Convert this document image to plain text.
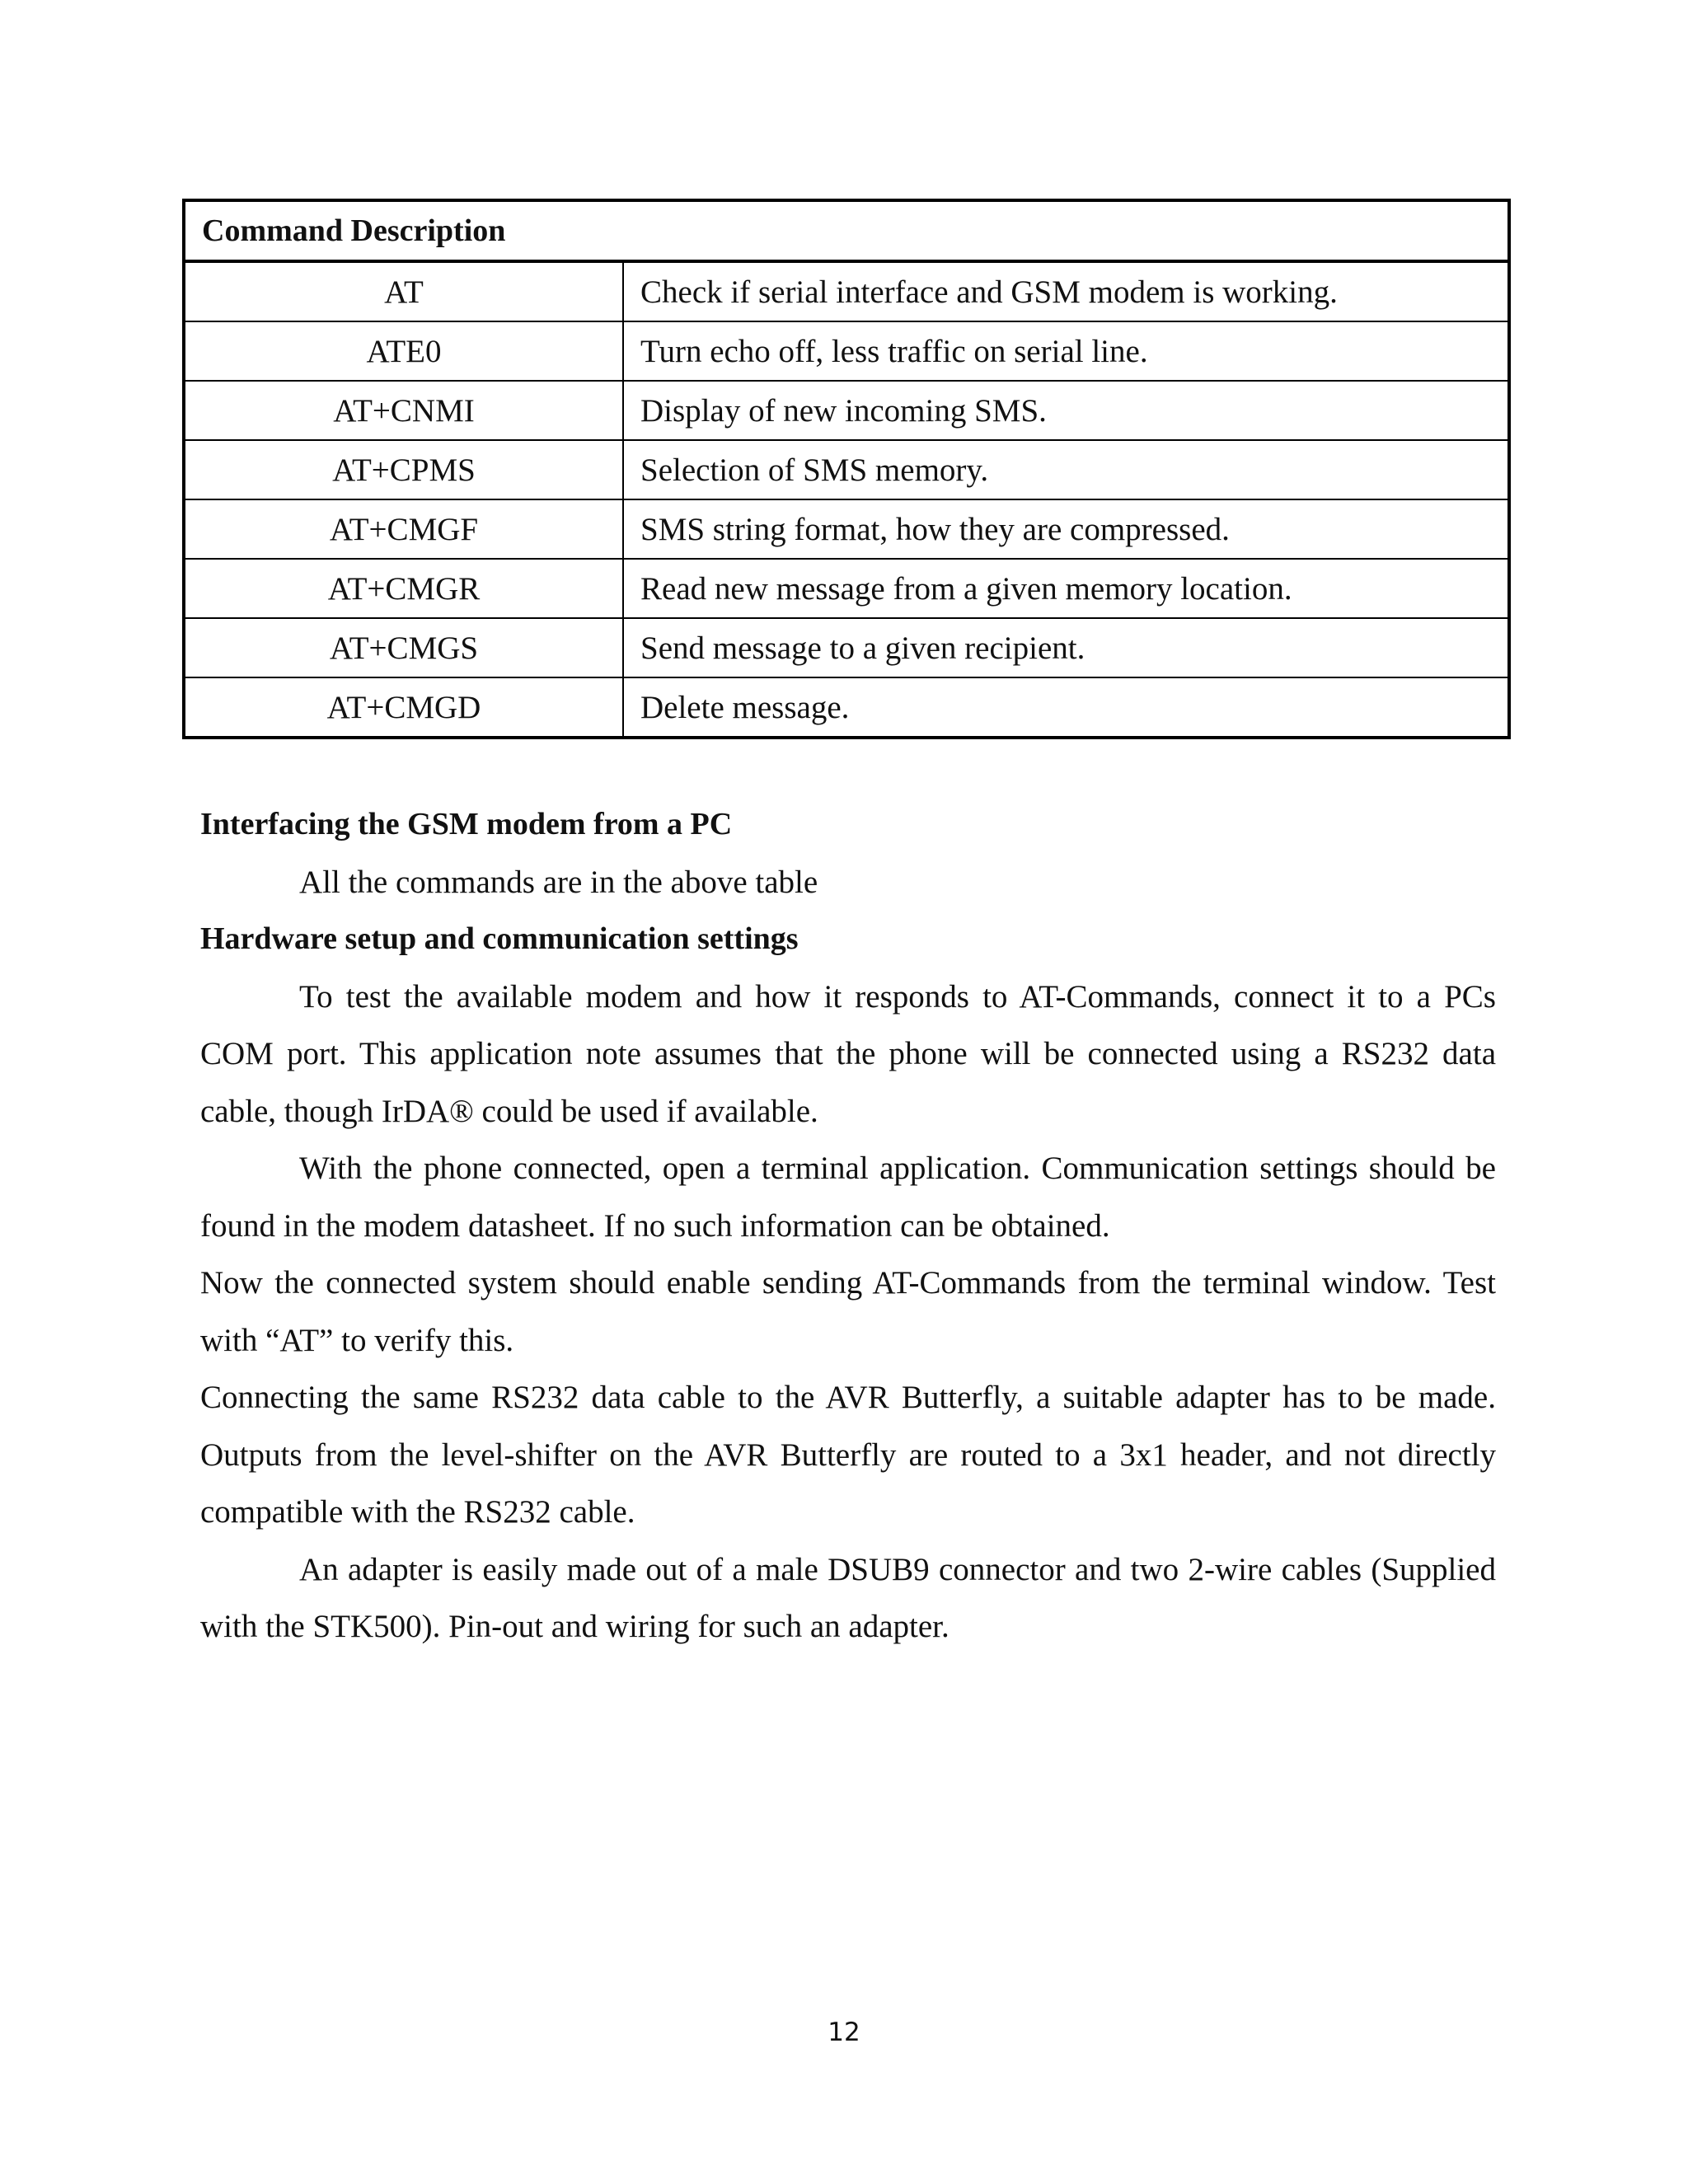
Command Description
AT	Check if serial interface and GSM modem is working.
ATE0	Turn echo off, less traffic on serial line.
AT+CNMI	Display of new incoming SMS.
AT+CPMS	Selection of SMS memory.
AT+CMGF	SMS string format, how they are compressed.
AT+CMGR	Read new message from a given memory location.
AT+CMGS	Send message to a given recipient.
AT+CMGD	Delete message.

Interfacing the GSM modem from a PC

All the commands are in the above table

Hardware setup and communication settings

To test the available modem and how it responds to AT-Commands, connect it to a PCs COM port. This application note assumes that the phone will be connected using a RS232 data cable, though IrDA® could be used if available.

With the phone connected, open a terminal application. Communication settings should be found in the modem datasheet. If no such information can be obtained.

Now the connected system should enable sending AT-Commands from the terminal window. Test with “AT” to verify this.

Connecting the same RS232 data cable to the AVR Butterfly, a suitable adapter has to be made. Outputs from the level-shifter on the AVR Butterfly are routed to a 3x1 header, and not directly compatible with the RS232 cable.

An adapter is easily made out of a male DSUB9 connector and two 2-wire cables (Supplied with the STK500). Pin-out and wiring for such an adapter.

12
